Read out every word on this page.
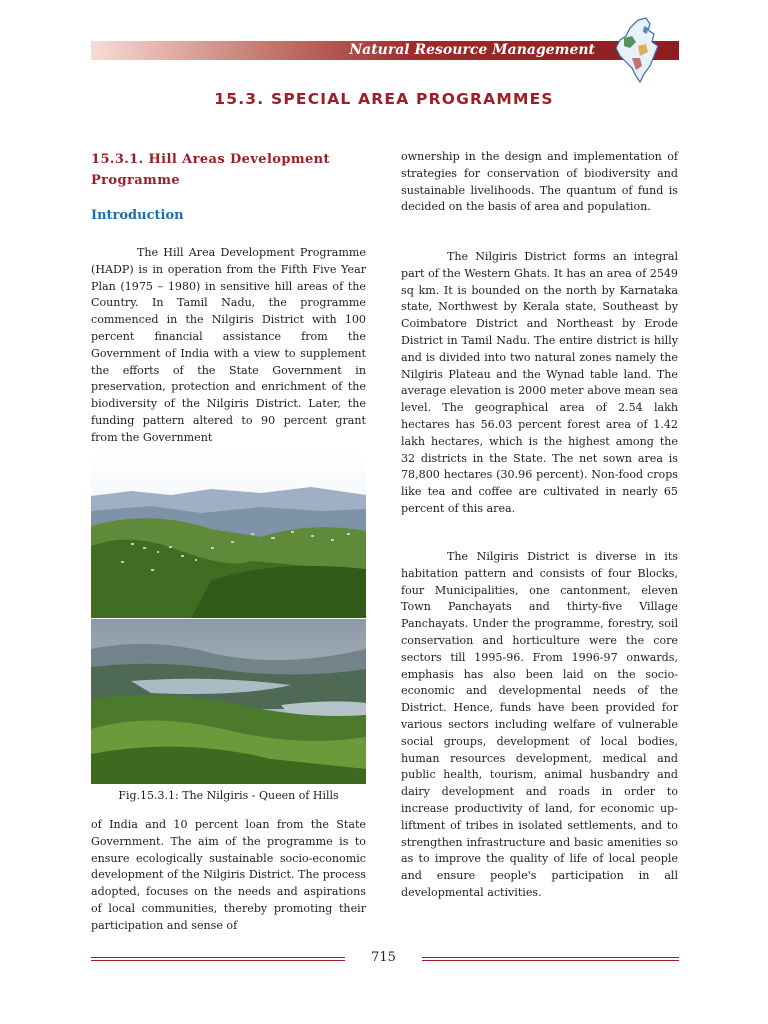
Natural Resource Management
15.3. SPECIAL AREA PROGRAMMES
15.3.1. Hill Areas Development
Programme
Introduction

The Hill Area Development Programme (HADP) is in operation from the Fifth Five Year Plan (1975 – 1980) in sensitive hill areas of the Country. In Tamil Nadu, the programme commenced in the Nilgiris District with 100 percent financial assistance from the Government of India with a view to supplement the efforts of the State Government in preservation, protection and enrichment of the biodiversity of the Nilgiris District. Later, the funding pattern altered to 90 percent grant from the Government

Fig.15.3.1: The Nilgiris - Queen of Hills

of India and 10 percent loan from the State Government. The aim of the programme is to ensure ecologically sustainable socio-economic development of the Nilgiris District. The process adopted, focuses on the needs and aspirations of local communities, thereby promoting their participation and sense of

ownership in the design and implementation of strategies for conservation of biodiversity and sustainable livelihoods. The quantum of fund is decided on the basis of area and population.

The Nilgiris District forms an integral part of the Western Ghats. It has an area of 2549 sq km. It is bounded on the north by Karnataka state, Northwest by Kerala state, Southeast by Coimbatore District and Northeast by Erode District in Tamil Nadu. The entire district is hilly and is divided into two natural zones namely the Nilgiris Plateau and the Wynad table land. The average elevation is 2000 meter above mean sea level. The geographical area of 2.54 lakh hectares has 56.03 percent forest area of 1.42 lakh hectares, which is the highest among the 32 districts in the State. The net sown area is 78,800 hectares (30.96 percent). Non-food crops like tea and coffee are cultivated in nearly 65 percent of this area.

The Nilgiris District is diverse in its habitation pattern and consists of four Blocks, four Municipalities, one cantonment, eleven Town Panchayats and thirty-five Village Panchayats. Under the programme, forestry, soil conservation and horticulture were the core sectors till 1995-96. From 1996-97 onwards, emphasis has also been laid on the socio-economic and developmental needs of the District. Hence, funds have been provided for various sectors including welfare of vulnerable social groups, development of local bodies, human resources development, medical and public health, tourism, animal husbandry and dairy development and roads in order to increase productivity of land, for economic up-liftment of tribes in isolated settlements, and to strengthen infrastructure and basic amenities so as to improve the quality of life of local people and ensure people's participation in all developmental activities.

715
